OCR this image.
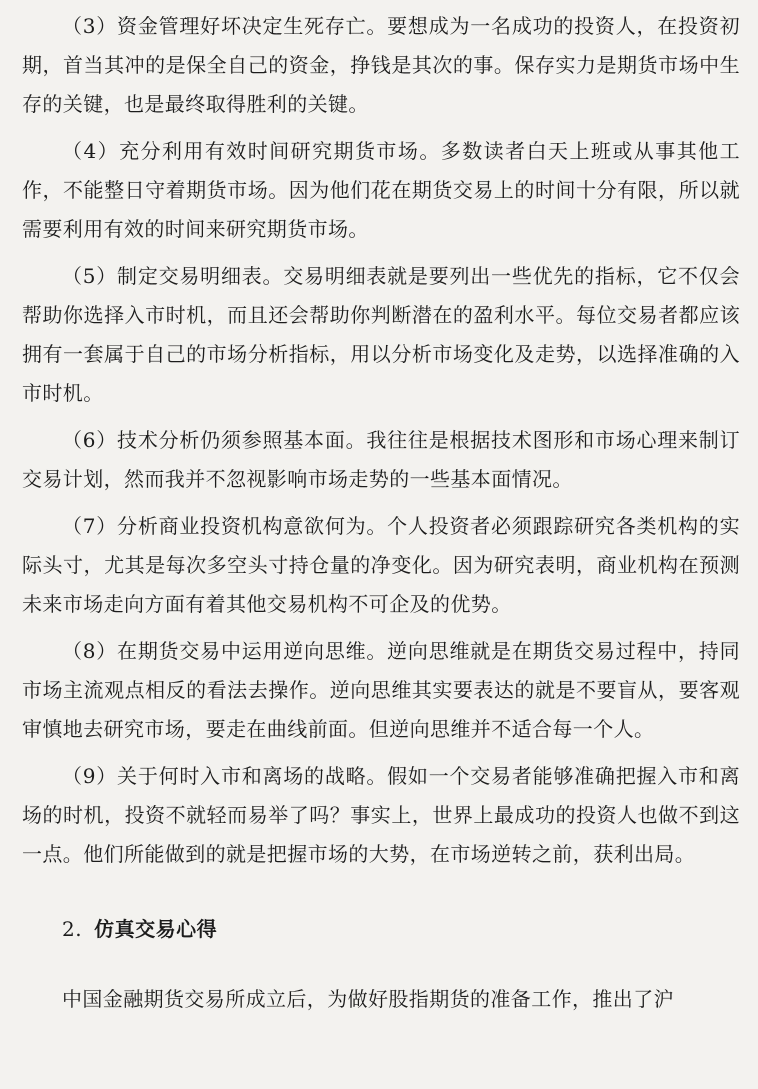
（3）资金管理好坏决定生死存亡。要想成为一名成功的投资人，在投资初期，首当其冲的是保全自己的资金，挣钱是其次的事。保存实力是期货市场中生存的关键，也是最终取得胜利的关键。

（4）充分利用有效时间研究期货市场。多数读者白天上班或从事其他工作，不能整日守着期货市场。因为他们花在期货交易上的时间十分有限，所以就需要利用有效的时间来研究期货市场。

（5）制定交易明细表。交易明细表就是要列出一些优先的指标，它不仅会帮助你选择入市时机，而且还会帮助你判断潜在的盈利水平。每位交易者都应该拥有一套属于自己的市场分析指标，用以分析市场变化及走势，以选择准确的入市时机。

（6）技术分析仍须参照基本面。我往往是根据技术图形和市场心理来制订交易计划，然而我并不忽视影响市场走势的一些基本面情况。

（7）分析商业投资机构意欲何为。个人投资者必须跟踪研究各类机构的实际头寸，尤其是每次多空头寸持仓量的净变化。因为研究表明，商业机构在预测未来市场走向方面有着其他交易机构不可企及的优势。

（8）在期货交易中运用逆向思维。逆向思维就是在期货交易过程中，持同市场主流观点相反的看法去操作。逆向思维其实要表达的就是不要盲从，要客观审慎地去研究市场，要走在曲线前面。但逆向思维并不适合每一个人。

（9）关于何时入市和离场的战略。假如一个交易者能够准确把握入市和离场的时机，投资不就轻而易举了吗？事实上，世界上最成功的投资人也做不到这一点。他们所能做到的就是把握市场的大势，在市场逆转之前，获利出局。

2. 仿真交易心得

中国金融期货交易所成立后，为做好股指期货的准备工作，推出了沪
